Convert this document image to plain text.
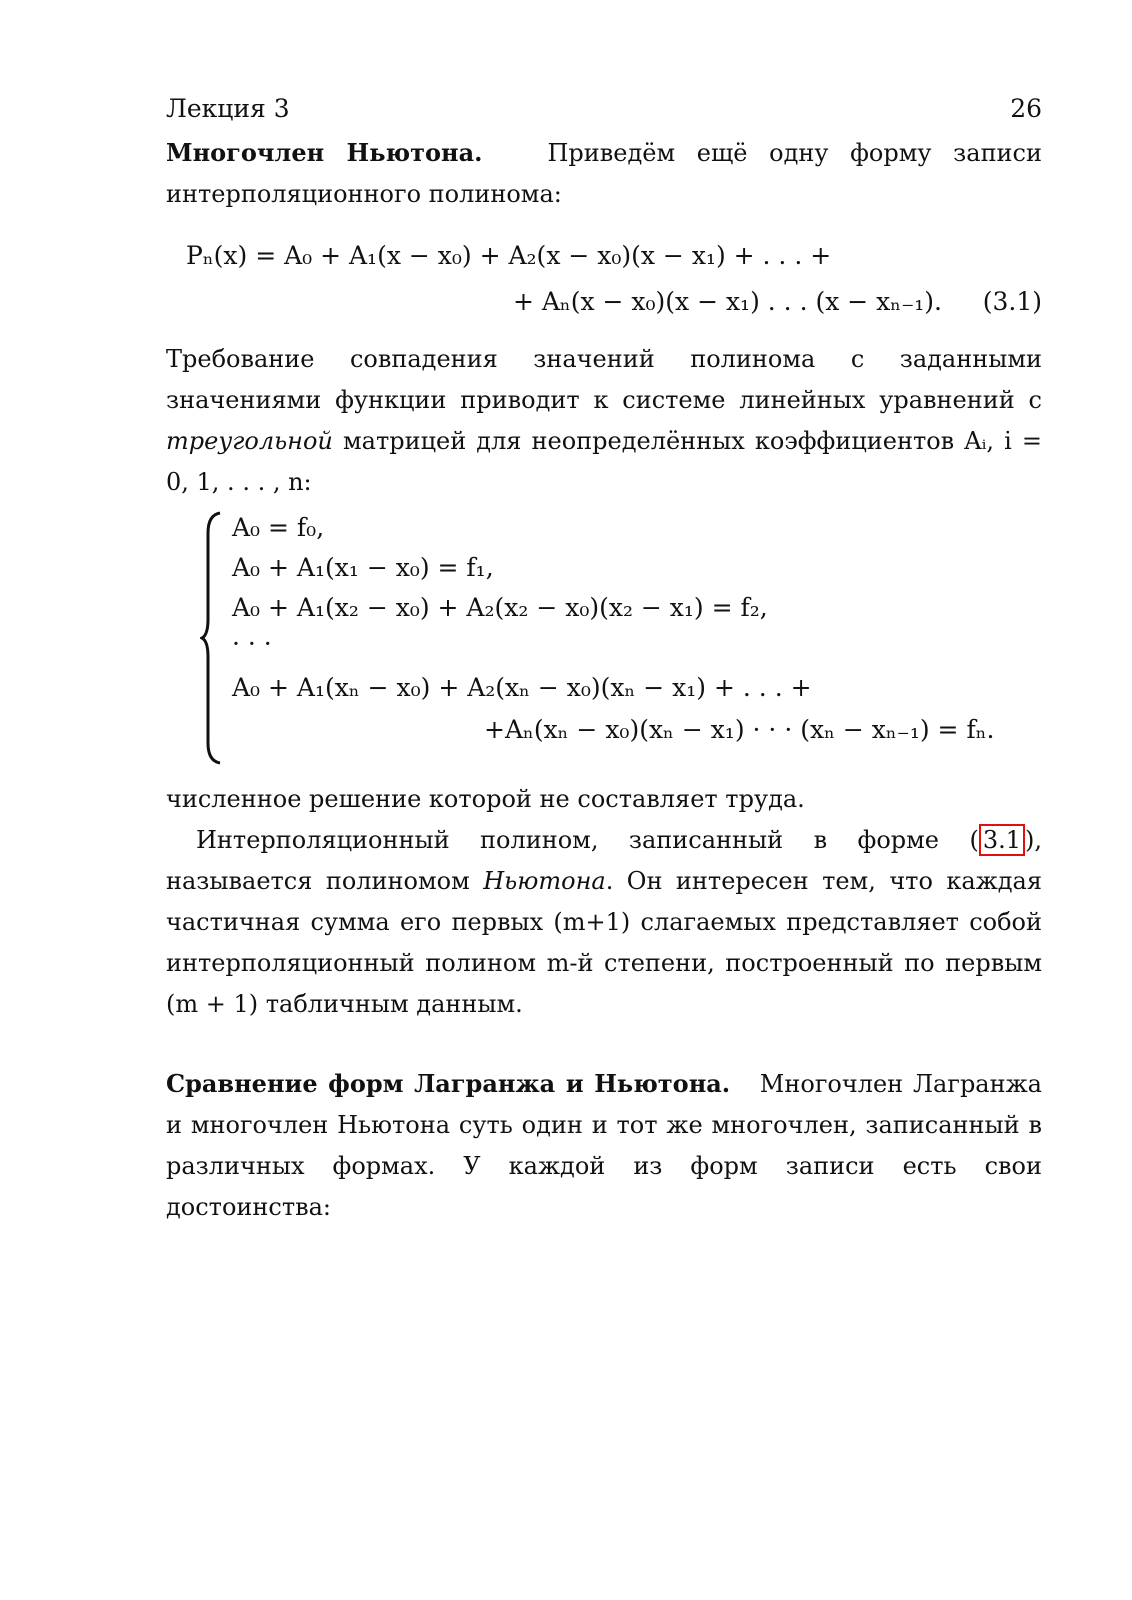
Лекция 3	26

Многочлен Ньютона.	Приведём ещё одну форму записи интерполяционного полинома:

Pₙ(x) = A₀ + A₁(x − x₀) + A₂(x − x₀)(x − x₁) + . . . +
+ Aₙ(x − x₀)(x − x₁) . . . (x − xₙ₋₁). (3.1)

Требование совпадения значений полинома с заданными значениями функции приводит к системе линейных уравнений с треугольной матрицей для неопределённых коэффициентов Aᵢ, i = 0, 1, . . . , n:

A₀ = f₀,
A₀ + A₁(x₁ − x₀) = f₁,
A₀ + A₁(x₂ − x₀) + A₂(x₂ − x₀)(x₂ − x₁) = f₂,
· · ·
A₀ + A₁(xₙ − x₀) + A₂(xₙ − x₀)(xₙ − x₁) + . . . +
+Aₙ(xₙ − x₀)(xₙ − x₁) · · · (xₙ − xₙ₋₁) = fₙ.

численное решение которой не составляет труда.

Интерполяционный полином, записанный в форме ( 3.1 ), называется полиномом Ньютона. Он интересен тем, что каждая частичная сумма его первых (m+1) слагаемых представляет собой интерполяционный полином m-й степени, построенный по первым (m + 1) табличным данным.

Сравнение форм Лагранжа и Ньютона. Многочлен Лагранжа и многочлен Ньютона суть один и тот же многочлен, записанный в различных формах. У каждой из форм записи есть свои достоинства:
